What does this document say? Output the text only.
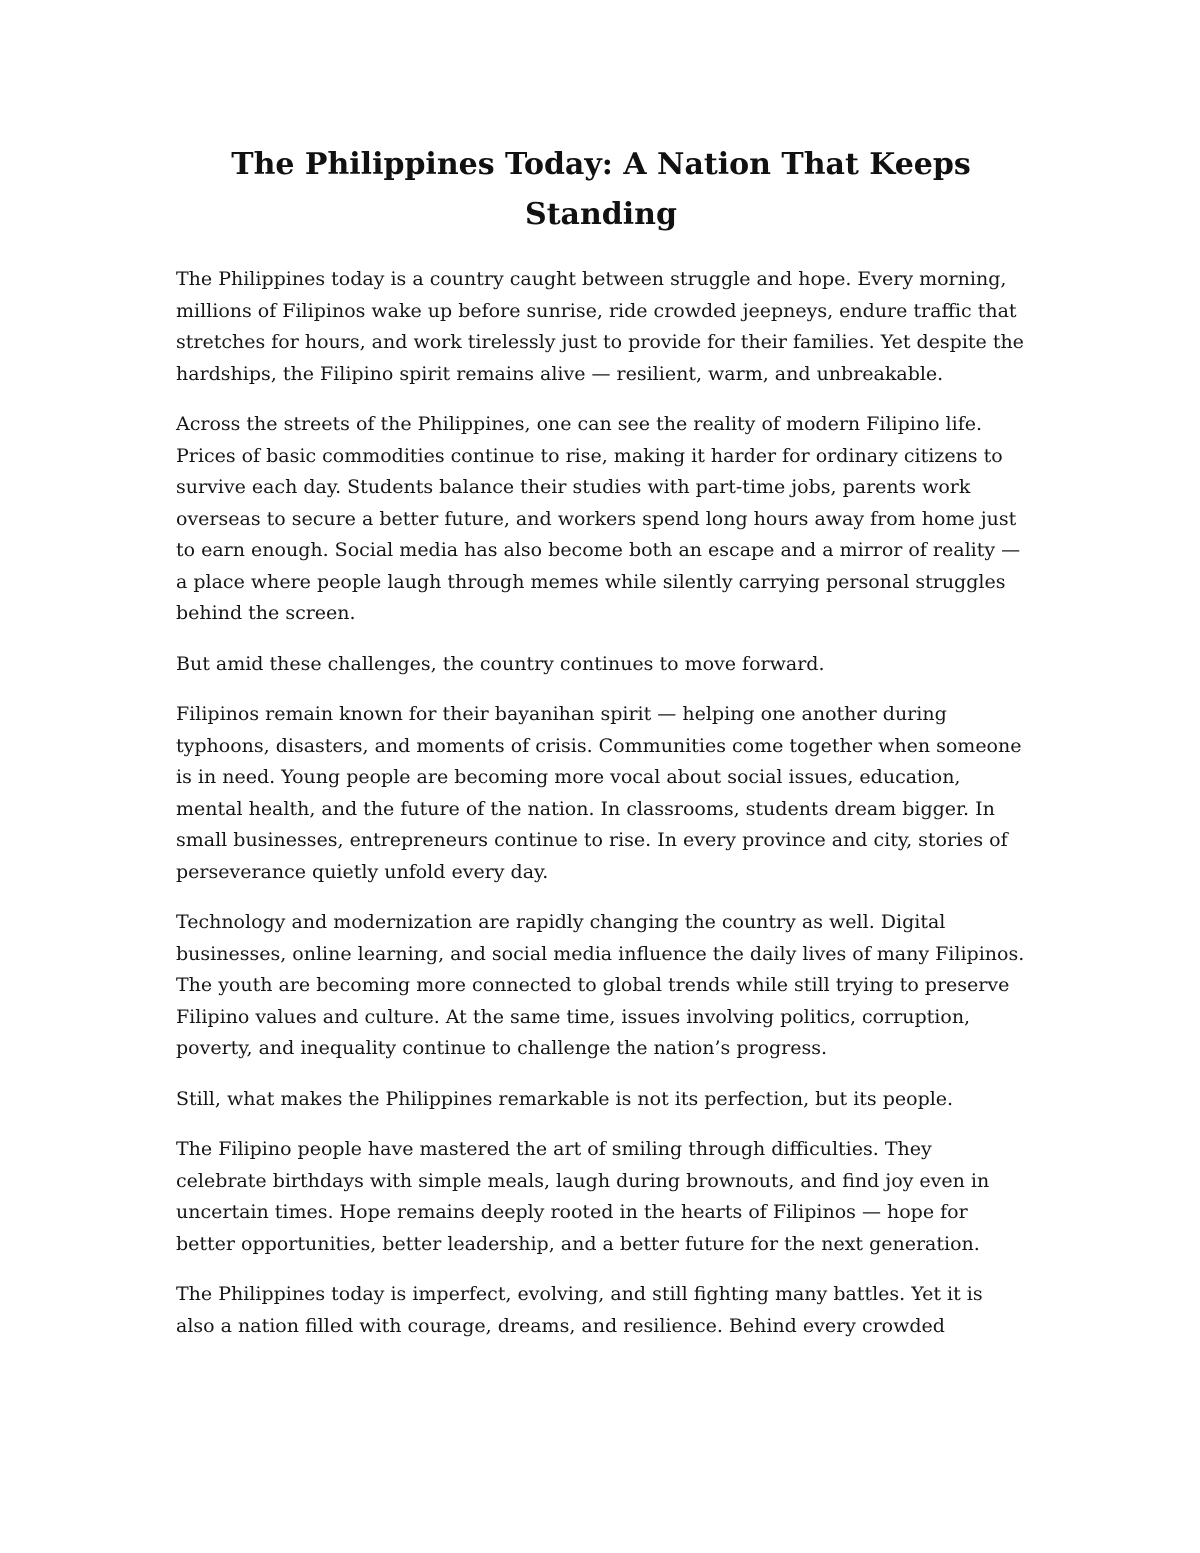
The Philippines Today: A Nation That Keeps Standing

The Philippines today is a country caught between struggle and hope. Every morning, millions of Filipinos wake up before sunrise, ride crowded jeepneys, endure traffic that stretches for hours, and work tirelessly just to provide for their families. Yet despite the hardships, the Filipino spirit remains alive — resilient, warm, and unbreakable.

Across the streets of the Philippines, one can see the reality of modern Filipino life. Prices of basic commodities continue to rise, making it harder for ordinary citizens to survive each day. Students balance their studies with part-time jobs, parents work overseas to secure a better future, and workers spend long hours away from home just to earn enough. Social media has also become both an escape and a mirror of reality — a place where people laugh through memes while silently carrying personal struggles behind the screen.

But amid these challenges, the country continues to move forward.

Filipinos remain known for their bayanihan spirit — helping one another during typhoons, disasters, and moments of crisis. Communities come together when someone is in need. Young people are becoming more vocal about social issues, education, mental health, and the future of the nation. In classrooms, students dream bigger. In small businesses, entrepreneurs continue to rise. In every province and city, stories of perseverance quietly unfold every day.

Technology and modernization are rapidly changing the country as well. Digital businesses, online learning, and social media influence the daily lives of many Filipinos. The youth are becoming more connected to global trends while still trying to preserve Filipino values and culture. At the same time, issues involving politics, corruption, poverty, and inequality continue to challenge the nation’s progress.

Still, what makes the Philippines remarkable is not its perfection, but its people.

The Filipino people have mastered the art of smiling through difficulties. They celebrate birthdays with simple meals, laugh during brownouts, and find joy even in uncertain times. Hope remains deeply rooted in the hearts of Filipinos — hope for better opportunities, better leadership, and a better future for the next generation.

The Philippines today is imperfect, evolving, and still fighting many battles. Yet it is also a nation filled with courage, dreams, and resilience. Behind every crowded
